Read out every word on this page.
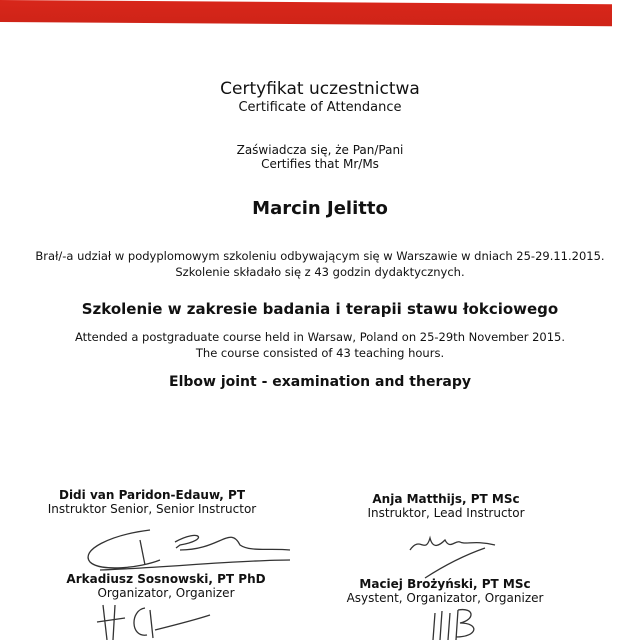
Certyfikat uczestnictwa
Certificate of Attendance
Zaświadcza się, że Pan/Pani
Certifies that Mr/Ms
Marcin Jelitto
Brał/-a udział w podyplomowym szkoleniu odbywającym się w Warszawie w dniach 25-29.11.2015.
Szkolenie składało się z 43 godzin dydaktycznych.
Szkolenie w zakresie badania i terapii stawu łokciowego
Attended a postgraduate course held in Warsaw, Poland on 25-29th November 2015.
The course consisted of 43 teaching hours.
Elbow joint - examination and therapy
Didi van Paridon-Edauw, PT
Instruktor Senior, Senior Instructor
Anja Matthijs, PT MSc
Instruktor, Lead Instructor
Arkadiusz Sosnowski, PT PhD
Organizator, Organizer
Maciej Brożyński, PT MSc
Asystent, Organizator, Organizer
